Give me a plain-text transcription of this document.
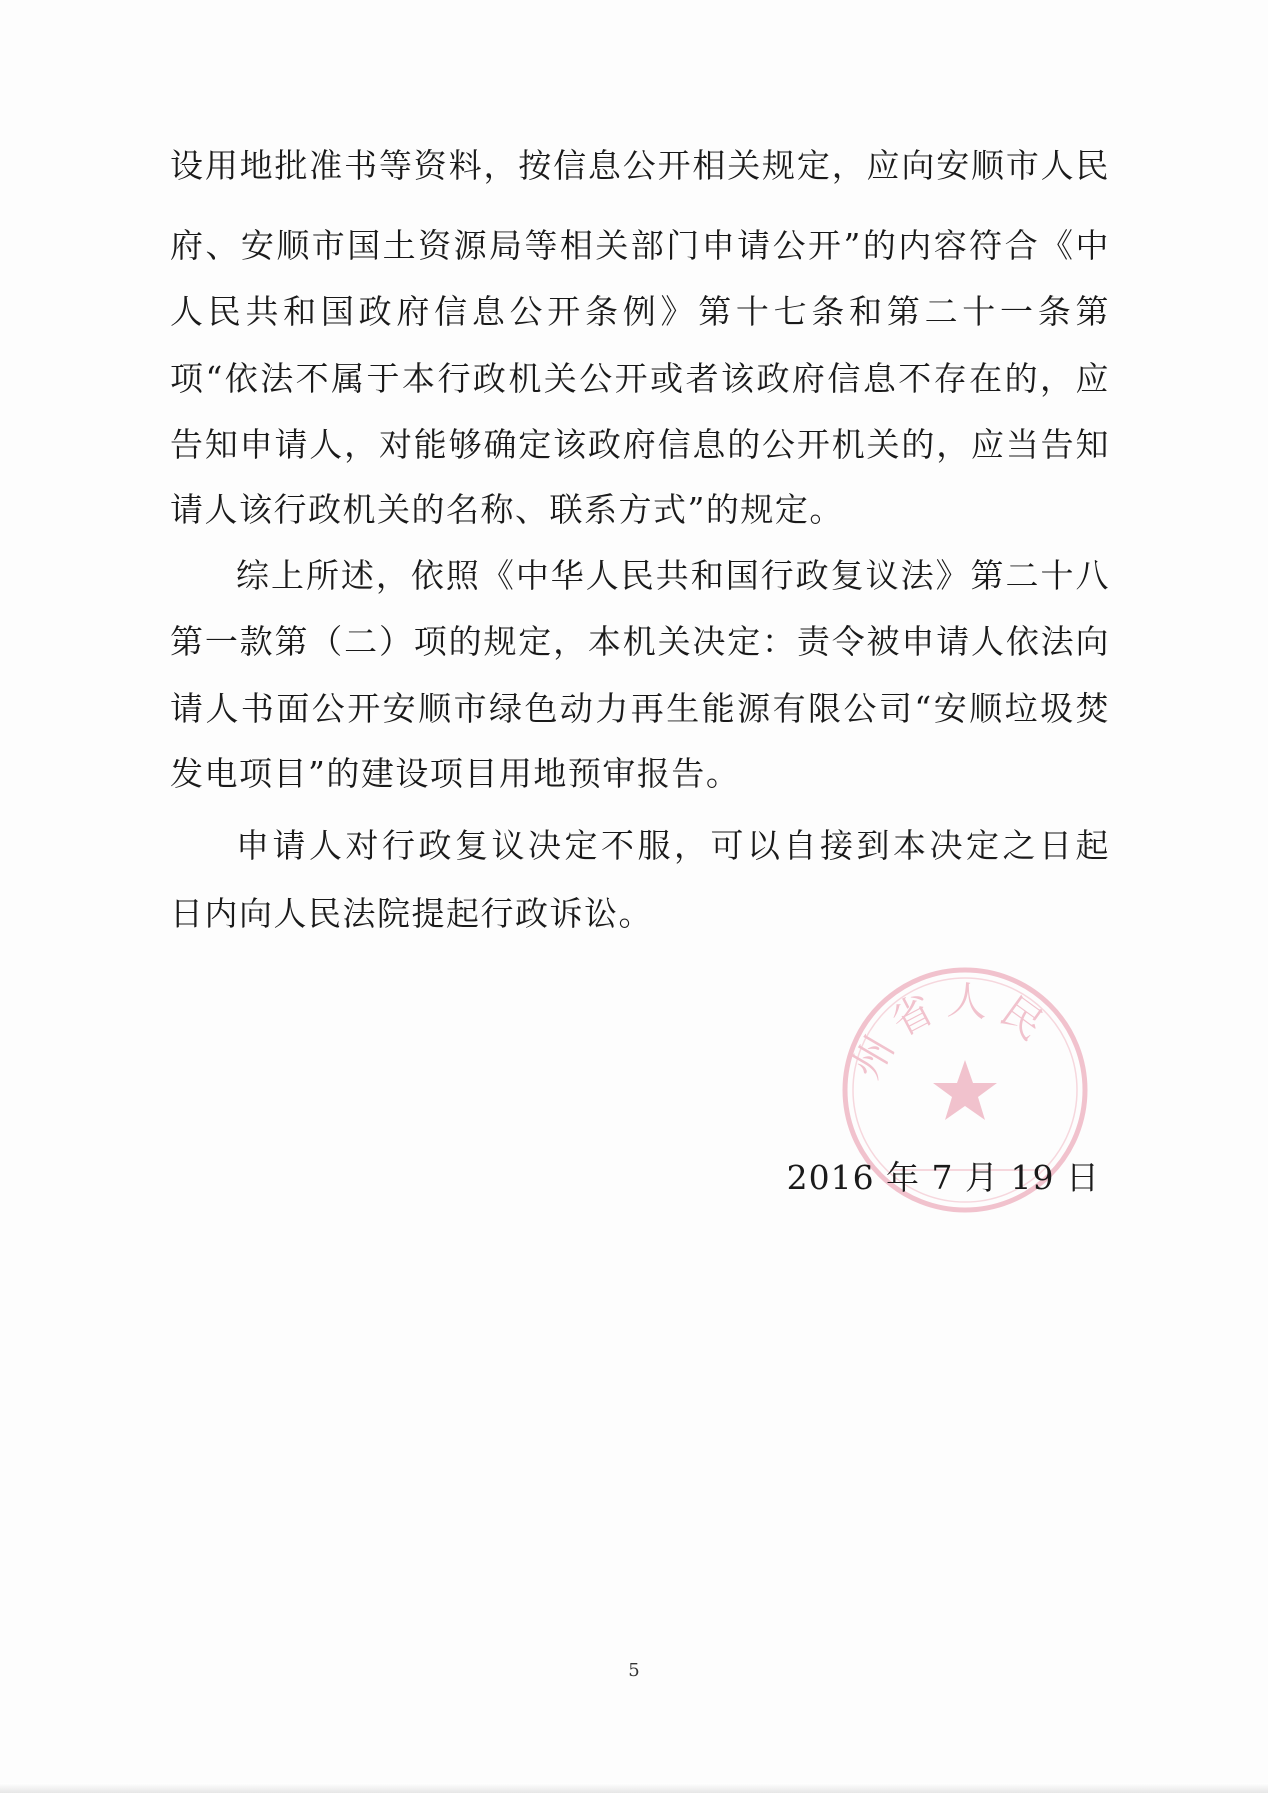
设用地批准书等资料，按信息公开相关规定，应向安顺市人民
府、安顺市国土资源局等相关部门申请公开”的内容符合《中
人民共和国政府信息公开条例》第十七条和第二十一条第
项“依法不属于本行政机关公开或者该政府信息不存在的，应
告知申请人，对能够确定该政府信息的公开机关的，应当告知
请人该行政机关的名称、联系方式”的规定。
综上所述，依照《中华人民共和国行政复议法》第二十八
第一款第（二）项的规定，本机关决定：责令被申请人依法向
请人书面公开安顺市绿色动力再生能源有限公司“安顺垃圾焚
发电项目”的建设项目用地预审报告。
申请人对行政复议决定不服，可以自接到本决定之日起
日内向人民法院提起行政诉讼。
州省人民
2016 年 7 月 19 日
5
